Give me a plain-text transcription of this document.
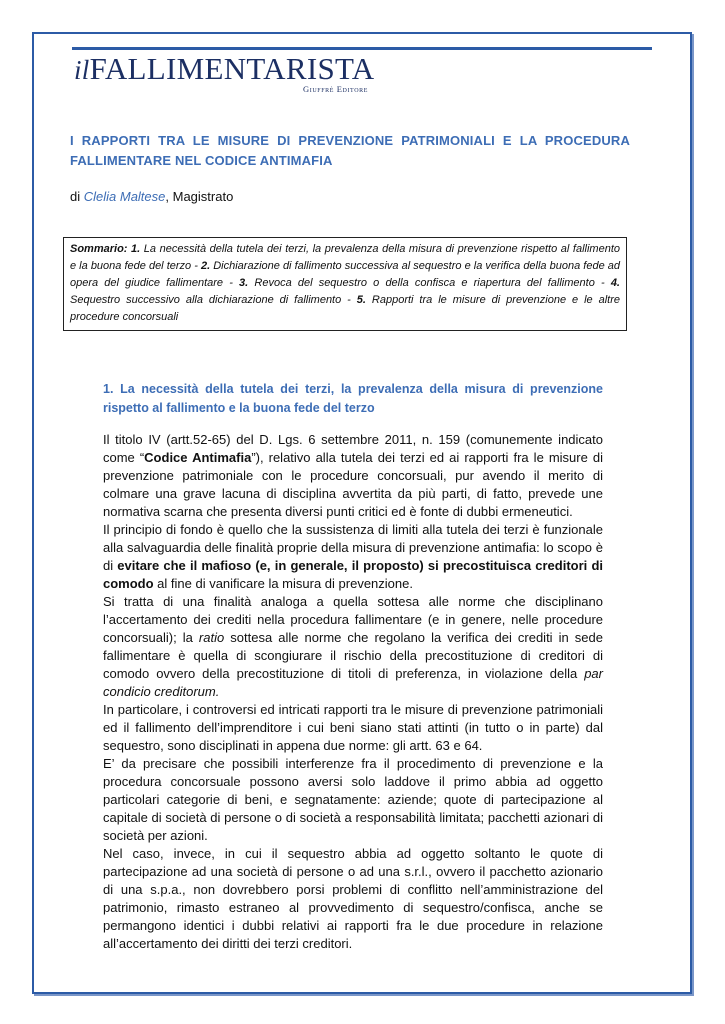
ilFALLIMENTARISTA
Giuffrè Editore
I RAPPORTI TRA LE MISURE DI PREVENZIONE PATRIMONIALI E LA PROCEDURA FALLIMENTARE NEL CODICE ANTIMAFIA
di Clelia Maltese, Magistrato
Sommario: 1. La necessità della tutela dei terzi, la prevalenza della misura di prevenzione rispetto al fallimento e la buona fede del terzo - 2. Dichiarazione di fallimento successiva al sequestro e la verifica della buona fede ad opera del giudice fallimentare - 3. Revoca del sequestro o della confisca e riapertura del fallimento - 4. Sequestro successivo alla dichiarazione di fallimento - 5. Rapporti tra le misure di prevenzione e le altre procedure concorsuali
1. La necessità della tutela dei terzi, la prevalenza della misura di prevenzione rispetto al fallimento e la buona fede del terzo

Il titolo IV (artt.52-65) del D. Lgs. 6 settembre 2011, n. 159 (comunemente indicato come “Codice Antimafia”), relativo alla tutela dei terzi ed ai rapporti fra le misure di prevenzione patrimoniale con le procedure concorsuali, pur avendo il merito di colmare una grave lacuna di disciplina avvertita da più parti, di fatto, prevede une normativa scarna che presenta diversi punti critici ed è fonte di dubbi ermeneutici.

Il principio di fondo è quello che la sussistenza di limiti alla tutela dei terzi è funzionale alla salvaguardia delle finalità proprie della misura di prevenzione antimafia: lo scopo è di evitare che il mafioso (e, in generale, il proposto) si precostituisca creditori di comodo al fine di vanificare la misura di prevenzione.

Si tratta di una finalità analoga a quella sottesa alle norme che disciplinano l’accertamento dei crediti nella procedura fallimentare (e in genere, nelle procedure concorsuali); la ratio sottesa alle norme che regolano la verifica dei crediti in sede fallimentare è quella di scongiurare il rischio della precostituzione di creditori di comodo ovvero della precostituzione di titoli di preferenza, in violazione della par condicio creditorum.

In particolare, i controversi ed intricati rapporti tra le misure di prevenzione patrimoniali ed il fallimento dell’imprenditore i cui beni siano stati attinti (in tutto o in parte) dal sequestro, sono disciplinati in appena due norme: gli artt. 63 e 64.

E’ da precisare che possibili interferenze fra il procedimento di prevenzione e la procedura concorsuale possono aversi solo laddove il primo abbia ad oggetto particolari categorie di beni, e segnatamente: aziende; quote di partecipazione al capitale di società di persone o di società a responsabilità limitata; pacchetti azionari di società per azioni.

Nel caso, invece, in cui il sequestro abbia ad oggetto soltanto le quote di partecipazione ad una società di persone o ad una s.r.l., ovvero il pacchetto azionario di una s.p.a., non dovrebbero porsi problemi di conflitto nell’amministrazione del patrimonio, rimasto estraneo al provvedimento di sequestro/confisca, anche se permangono identici i dubbi relativi ai rapporti fra le due procedure in relazione all’accertamento dei diritti dei terzi creditori.
